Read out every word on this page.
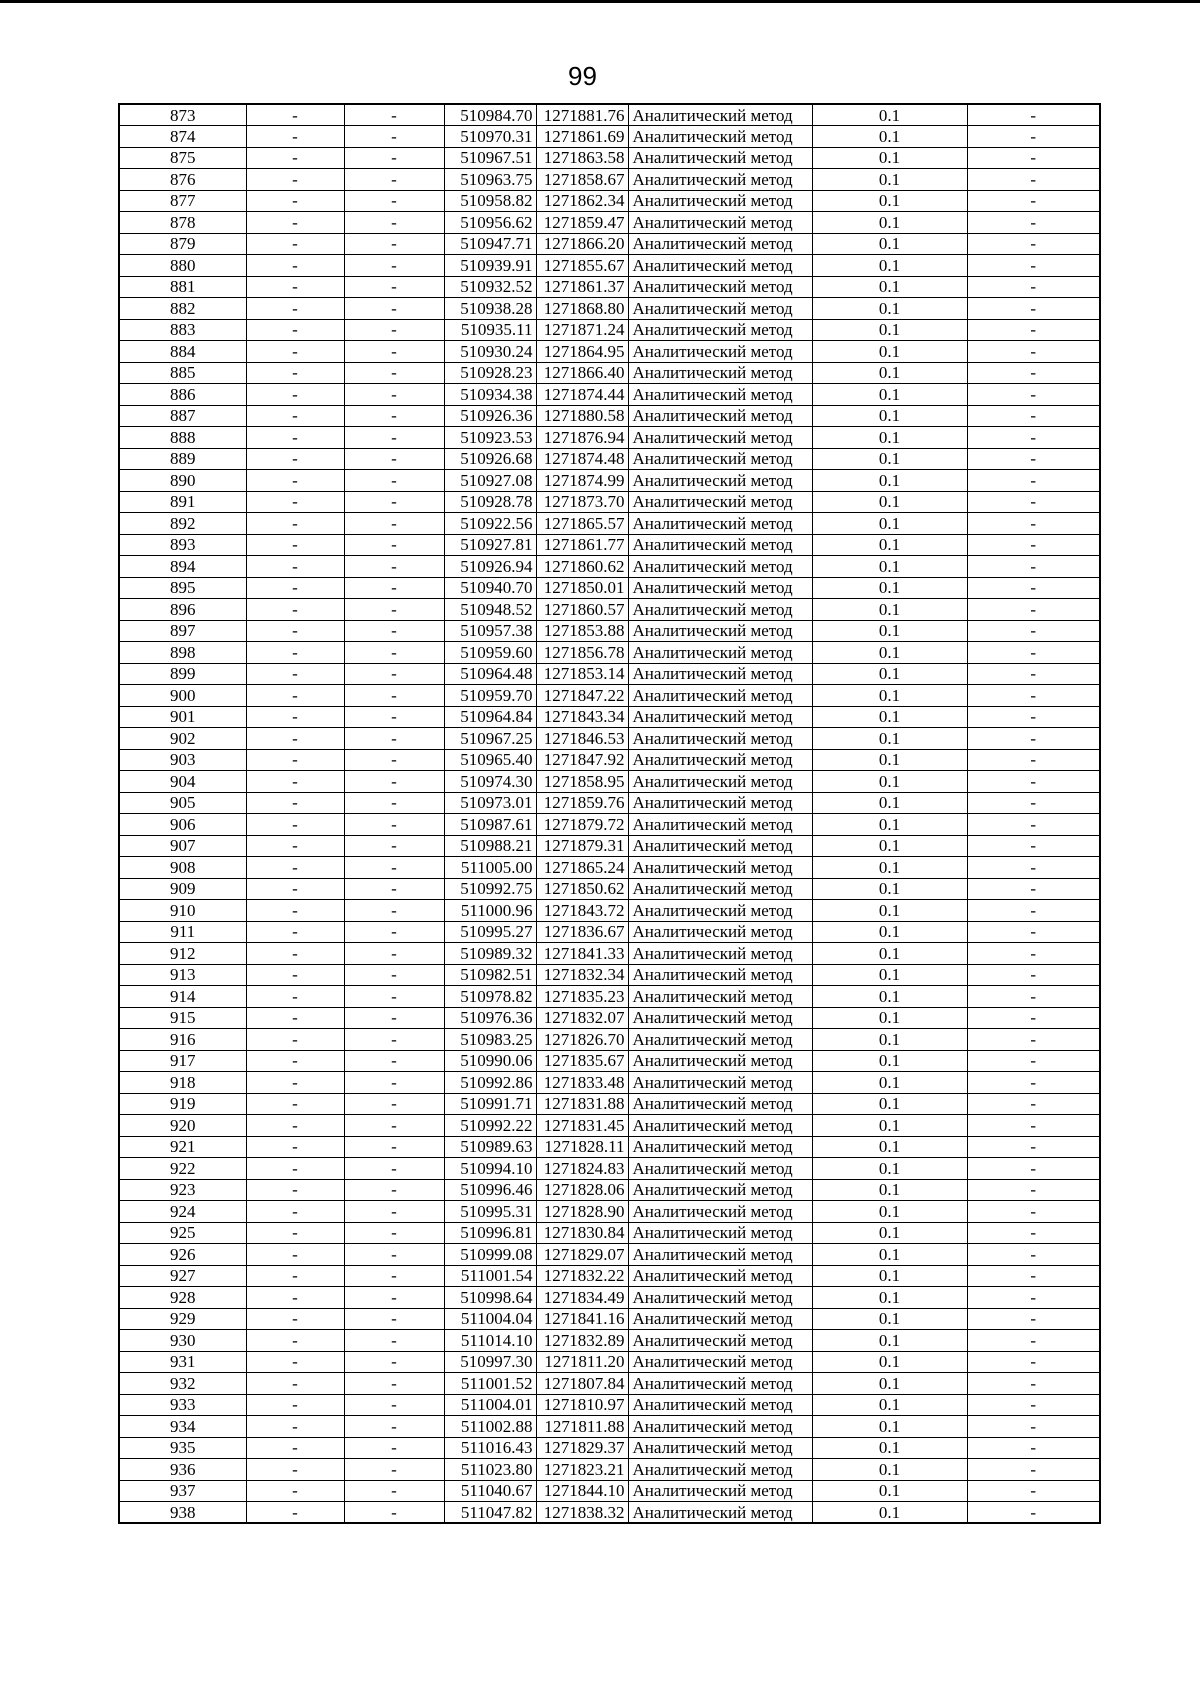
99
873	-	-	510984.70	1271881.76	Аналитический метод	0.1	-
874	-	-	510970.31	1271861.69	Аналитический метод	0.1	-
875	-	-	510967.51	1271863.58	Аналитический метод	0.1	-
876	-	-	510963.75	1271858.67	Аналитический метод	0.1	-
877	-	-	510958.82	1271862.34	Аналитический метод	0.1	-
878	-	-	510956.62	1271859.47	Аналитический метод	0.1	-
879	-	-	510947.71	1271866.20	Аналитический метод	0.1	-
880	-	-	510939.91	1271855.67	Аналитический метод	0.1	-
881	-	-	510932.52	1271861.37	Аналитический метод	0.1	-
882	-	-	510938.28	1271868.80	Аналитический метод	0.1	-
883	-	-	510935.11	1271871.24	Аналитический метод	0.1	-
884	-	-	510930.24	1271864.95	Аналитический метод	0.1	-
885	-	-	510928.23	1271866.40	Аналитический метод	0.1	-
886	-	-	510934.38	1271874.44	Аналитический метод	0.1	-
887	-	-	510926.36	1271880.58	Аналитический метод	0.1	-
888	-	-	510923.53	1271876.94	Аналитический метод	0.1	-
889	-	-	510926.68	1271874.48	Аналитический метод	0.1	-
890	-	-	510927.08	1271874.99	Аналитический метод	0.1	-
891	-	-	510928.78	1271873.70	Аналитический метод	0.1	-
892	-	-	510922.56	1271865.57	Аналитический метод	0.1	-
893	-	-	510927.81	1271861.77	Аналитический метод	0.1	-
894	-	-	510926.94	1271860.62	Аналитический метод	0.1	-
895	-	-	510940.70	1271850.01	Аналитический метод	0.1	-
896	-	-	510948.52	1271860.57	Аналитический метод	0.1	-
897	-	-	510957.38	1271853.88	Аналитический метод	0.1	-
898	-	-	510959.60	1271856.78	Аналитический метод	0.1	-
899	-	-	510964.48	1271853.14	Аналитический метод	0.1	-
900	-	-	510959.70	1271847.22	Аналитический метод	0.1	-
901	-	-	510964.84	1271843.34	Аналитический метод	0.1	-
902	-	-	510967.25	1271846.53	Аналитический метод	0.1	-
903	-	-	510965.40	1271847.92	Аналитический метод	0.1	-
904	-	-	510974.30	1271858.95	Аналитический метод	0.1	-
905	-	-	510973.01	1271859.76	Аналитический метод	0.1	-
906	-	-	510987.61	1271879.72	Аналитический метод	0.1	-
907	-	-	510988.21	1271879.31	Аналитический метод	0.1	-
908	-	-	511005.00	1271865.24	Аналитический метод	0.1	-
909	-	-	510992.75	1271850.62	Аналитический метод	0.1	-
910	-	-	511000.96	1271843.72	Аналитический метод	0.1	-
911	-	-	510995.27	1271836.67	Аналитический метод	0.1	-
912	-	-	510989.32	1271841.33	Аналитический метод	0.1	-
913	-	-	510982.51	1271832.34	Аналитический метод	0.1	-
914	-	-	510978.82	1271835.23	Аналитический метод	0.1	-
915	-	-	510976.36	1271832.07	Аналитический метод	0.1	-
916	-	-	510983.25	1271826.70	Аналитический метод	0.1	-
917	-	-	510990.06	1271835.67	Аналитический метод	0.1	-
918	-	-	510992.86	1271833.48	Аналитический метод	0.1	-
919	-	-	510991.71	1271831.88	Аналитический метод	0.1	-
920	-	-	510992.22	1271831.45	Аналитический метод	0.1	-
921	-	-	510989.63	1271828.11	Аналитический метод	0.1	-
922	-	-	510994.10	1271824.83	Аналитический метод	0.1	-
923	-	-	510996.46	1271828.06	Аналитический метод	0.1	-
924	-	-	510995.31	1271828.90	Аналитический метод	0.1	-
925	-	-	510996.81	1271830.84	Аналитический метод	0.1	-
926	-	-	510999.08	1271829.07	Аналитический метод	0.1	-
927	-	-	511001.54	1271832.22	Аналитический метод	0.1	-
928	-	-	510998.64	1271834.49	Аналитический метод	0.1	-
929	-	-	511004.04	1271841.16	Аналитический метод	0.1	-
930	-	-	511014.10	1271832.89	Аналитический метод	0.1	-
931	-	-	510997.30	1271811.20	Аналитический метод	0.1	-
932	-	-	511001.52	1271807.84	Аналитический метод	0.1	-
933	-	-	511004.01	1271810.97	Аналитический метод	0.1	-
934	-	-	511002.88	1271811.88	Аналитический метод	0.1	-
935	-	-	511016.43	1271829.37	Аналитический метод	0.1	-
936	-	-	511023.80	1271823.21	Аналитический метод	0.1	-
937	-	-	511040.67	1271844.10	Аналитический метод	0.1	-
938	-	-	511047.82	1271838.32	Аналитический метод	0.1	-
